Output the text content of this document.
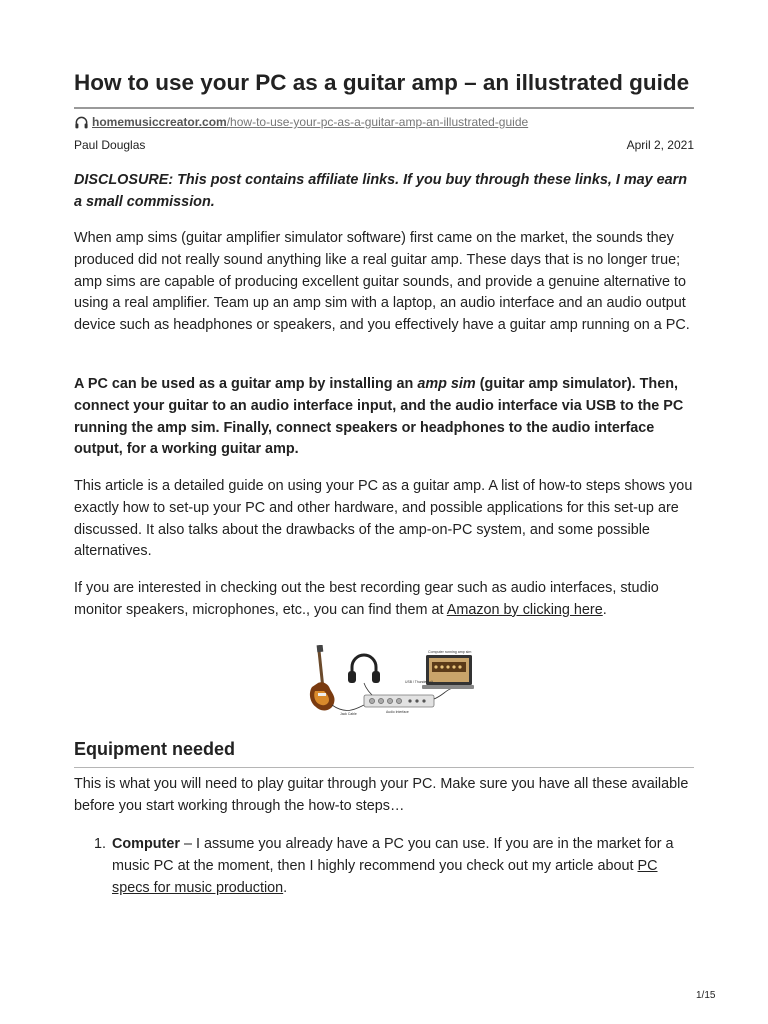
How to use your PC as a guitar amp – an illustrated guide
homemusiccreator.com /how-to-use-your-pc-as-a-guitar-amp-an-illustrated-guide
Paul Douglas	April 2, 2021

DISCLOSURE: This post contains affiliate links. If you buy through these links, I may earn a small commission.

When amp sims (guitar amplifier simulator software) first came on the market, the sounds they produced did not really sound anything like a real guitar amp. These days that is no longer true; amp sims are capable of producing excellent guitar sounds, and provide a genuine alternative to using a real amplifier. Team up an amp sim with a laptop, an audio interface and an audio output device such as headphones or speakers, and you effectively have a guitar amp running on a PC.

A PC can be used as a guitar amp by installing an amp sim (guitar amp simulator). Then, connect your guitar to an audio interface input, and the audio interface via USB to the PC running the amp sim. Finally, connect speakers or headphones to the audio interface output, for a working guitar amp.

This article is a detailed guide on using your PC as a guitar amp. A list of how-to steps shows you exactly how to set-up your PC and other hardware, and possible applications for this set-up are discussed. It also talks about the drawbacks of the amp-on-PC system, and some possible alternatives.

If you are interested in checking out the best recording gear such as audio interfaces, studio monitor speakers, microphones, etc., you can find them at Amazon by clicking here.

Computer running amp sim
USB / Thunderbolt
Jack Cable	Audio Interface
Equipment needed

This is what you will need to play guitar through your PC. Make sure you have all these available before you start working through the how-to steps…

1. Computer – I assume you already have a PC you can use. If you are in the market for a music PC at the moment, then I highly recommend you check out my article about PC specs for music production.
1/15
